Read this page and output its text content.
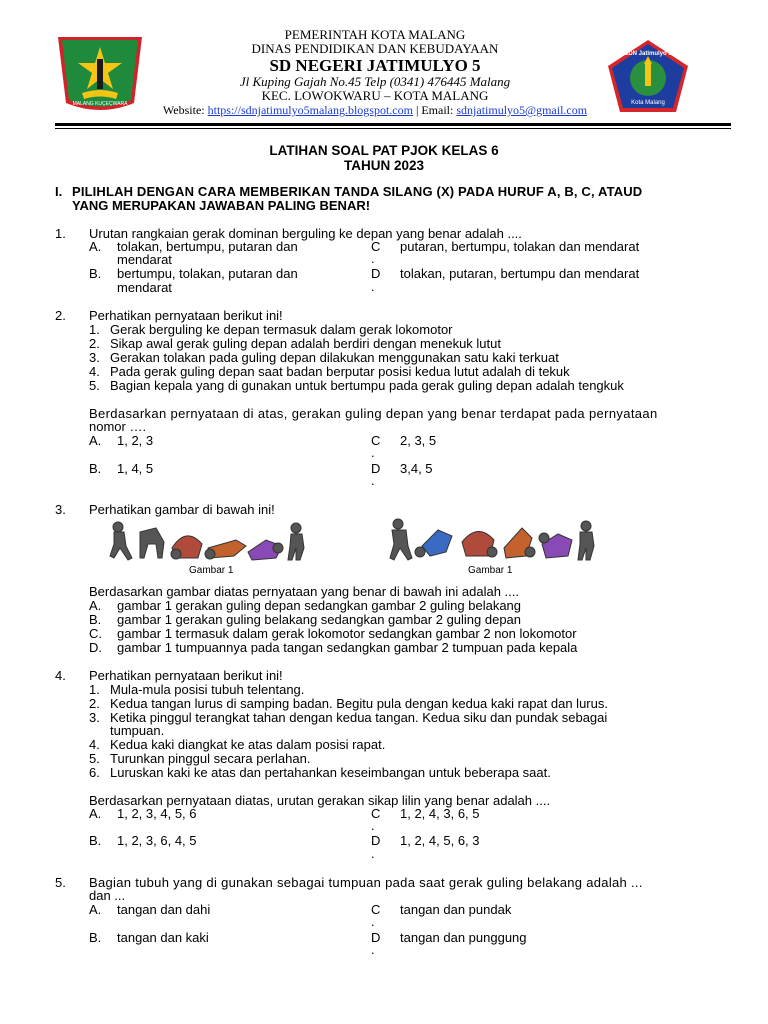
MALANG KUÇEÇWARA
SDN Jatimulyo 5
Kota Malang
PEMERINTAH KOTA MALANG
DINAS PENDIDIKAN DAN KEBUDAYAAN
SD NEGERI JATIMULYO 5
Jl Kuping Gajah No.45 Telp (0341) 476445 Malang
KEC. LOWOKWARU – KOTA MALANG
Website: https://sdnjatimulyo5malang.blogspot.com | Email: sdnjatimulyo5@gmail.com
LATIHAN SOAL PAT PJOK KELAS 6
TAHUN 2023
I. PILIHLAH DENGAN CARA MEMBERIKAN TANDA SILANG (X) PADA HURUF A, B, C, ATAUD
YANG MERUPAKAN JAWABAN PALING BENAR!
1. Urutan rangkaian gerak dominan berguling ke depan yang benar adalah ....
A. tolakan, bertumpu, putaran dan
mendarat
B. bertumpu, tolakan, putaran dan
mendarat
C putaran, bertumpu, tolakan dan mendarat
.
D tolakan, putaran, bertumpu dan mendarat
.
2. Perhatikan pernyataan berikut ini!
1. Gerak berguling ke depan termasuk dalam gerak lokomotor
2. Sikap awal gerak guling depan adalah berdiri dengan menekuk lutut
3. Gerakan tolakan pada guling depan dilakukan menggunakan satu kaki terkuat
4. Pada gerak guling depan saat badan berputar posisi kedua lutut adalah di tekuk
5. Bagian kepala yang di gunakan untuk bertumpu pada gerak guling depan adalah tengkuk
Berdasarkan pernyataan di atas, gerakan guling depan yang benar terdapat pada pernyataan
nomor ….
A. 1, 2, 3
B. 1, 4, 5
C 2, 3, 5
.
D 3,4, 5
.
3. Perhatikan gambar di bawah ini!
Gambar 1	Gambar 1
Berdasarkan gambar diatas pernyataan yang benar di bawah ini adalah ....
A. gambar 1 gerakan guling depan sedangkan gambar 2 guling belakang
B. gambar 1 gerakan guling belakang sedangkan gambar 2 guling depan
C. gambar 1 termasuk dalam gerak lokomotor sedangkan gambar 2 non lokomotor
D. gambar 1 tumpuannya pada tangan sedangkan gambar 2 tumpuan pada kepala
4. Perhatikan pernyataan berikut ini!
1. Mula-mula posisi tubuh telentang.
2. Kedua tangan lurus di samping badan. Begitu pula dengan kedua kaki rapat dan lurus.
3. Ketika pinggul terangkat tahan dengan kedua tangan. Kedua siku dan pundak sebagai
tumpuan.
4. Kedua kaki diangkat ke atas dalam posisi rapat.
5. Turunkan pinggul secara perlahan.
6. Luruskan kaki ke atas dan pertahankan keseimbangan untuk beberapa saat.
Berdasarkan pernyataan diatas, urutan gerakan sikap lilin yang benar adalah ....
A. 1, 2, 3, 4, 5, 6
B. 1, 2, 3, 6, 4, 5
C 1, 2, 4, 3, 6, 5
.
D 1, 2, 4, 5, 6, 3
.
5. Bagian tubuh yang di gunakan sebagai tumpuan pada saat gerak guling belakang adalah ...
dan ...
A. tangan dan dahi
B. tangan dan kaki
C tangan dan pundak
.
D tangan dan punggung
.
